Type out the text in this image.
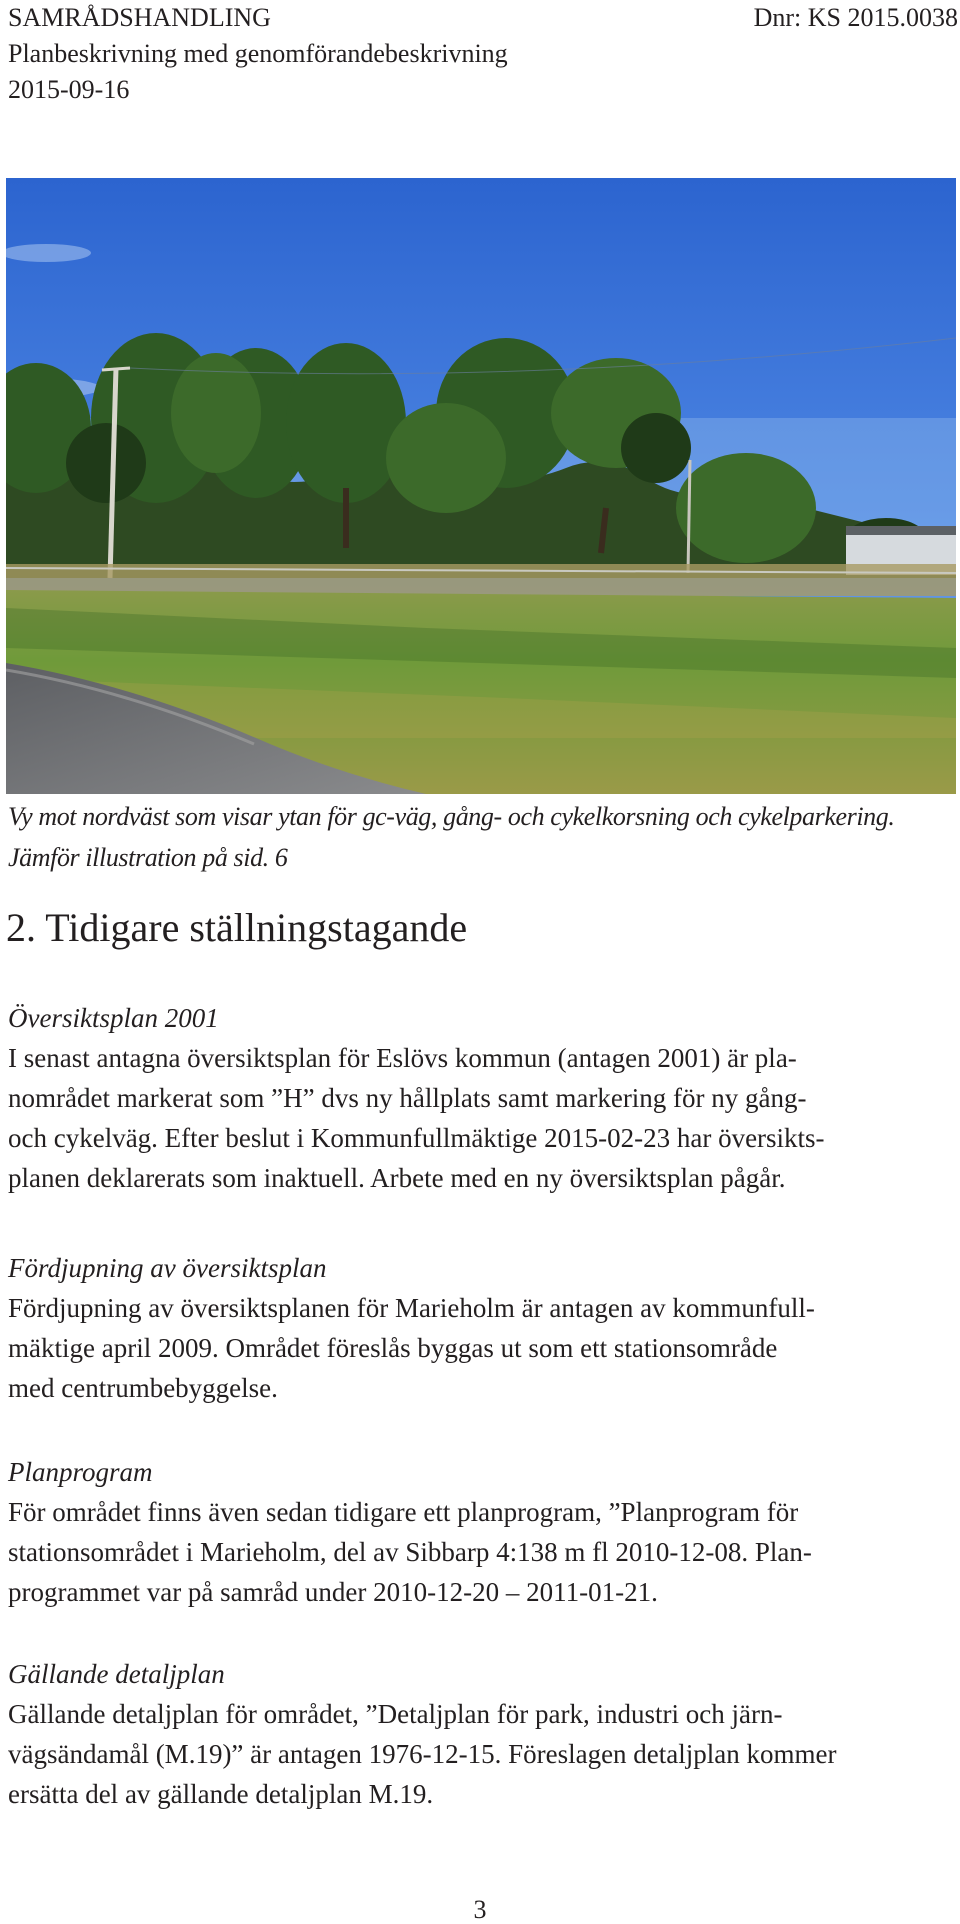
SAMRÅDSHANDLING	Dnr: KS 2015.0038
Planbeskrivning med genomförandebeskrivning
2015-09-16
Vy mot nordväst som visar ytan för gc-väg, gång- och cykelkorsning och cykelparkering.
Jämför illustration på sid. 6
2. Tidigare ställningstagande
Översiktsplan 2001
I senast antagna översiktsplan för Eslövs kommun (antagen 2001) är pla-
nområdet markerat som ”H” dvs ny hållplats samt markering för ny gång-
och cykelväg. Efter beslut i Kommunfullmäktige 2015-02-23 har översikts-
planen deklarerats som inaktuell. Arbete med en ny översiktsplan pågår.
Fördjupning av översiktsplan
Fördjupning av översiktsplanen för Marieholm är antagen av kommunfull-
mäktige april 2009. Området föreslås byggas ut som ett stationsområde
med centrumbebyggelse.
Planprogram
För området finns även sedan tidigare ett planprogram, ”Planprogram för
stationsområdet i Marieholm, del av Sibbarp 4:138 m fl 2010-12-08. Plan-
programmet var på samråd under 2010-12-20 – 2011-01-21.
Gällande detaljplan
Gällande detaljplan för området, ”Detaljplan för park, industri och järn-
vägsändamål (M.19)” är antagen 1976-12-15. Föreslagen detaljplan kommer
ersätta del av gällande detaljplan M.19.
3
